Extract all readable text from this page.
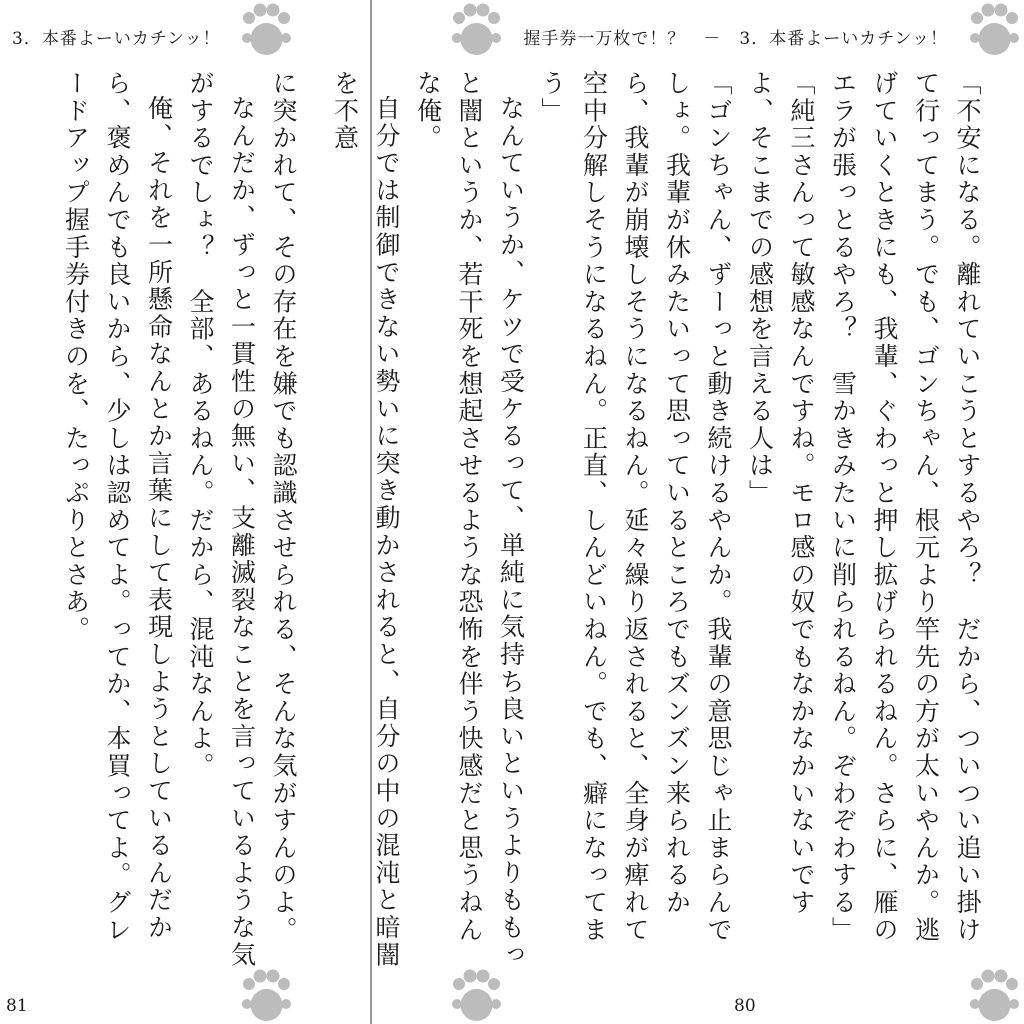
3．本番よーいカチンッ！

に突かれて、その存在を嫌でも認識させられる、そんな気がすんのよ。

なんだか、ずっと一貫性の無い、支離滅裂なことを言っているような気がするでしょ？　全部、あるねん。だから、混沌なんよ。

俺、それを一所懸命なんとか言葉にして表現しようとしているんだから、褒めんでも良いから、少しは認めてよ。ってか、本買ってよ。グレードアップ握手券付きのを、たっぷりとさあ。

81
握手券一万枚で！？　－　3．本番よーいカチンッ！

「不安になる。離れていこうとするやろ？　だから、ついつい追い掛けて行ってまう。でも、ゴンちゃん、根元より竿先の方が太いやんか。逃げていくときにも、我輩、ぐわっと押し拡げられるねん。さらに、雁のエラが張っとるやろ？　雪かきみたいに削られるねん。ぞわぞわする」

「純三さんって敏感なんですね。モロ感の奴でもなかなかいないですよ、そこまでの感想を言える人は」

「ゴンちゃん、ずーっと動き続けるやんか。我輩の意思じゃ止まらんでしょ。我輩が休みたいって思っているところでもズンズン来られるから、我輩が崩壊しそうになるねん。延々繰り返されると、全身が痺れて空中分解しそうになるねん。正直、しんどいねん。でも、癖になってまう」

なんていうか、ケツで受ケるって、単純に気持ち良いというよりももっと闇というか、若干死を想起させるような恐怖を伴う快感だと思うねんな俺。

自分では制御できない勢いに突き動かされると、自分の中の混沌と暗闇を不意

80
